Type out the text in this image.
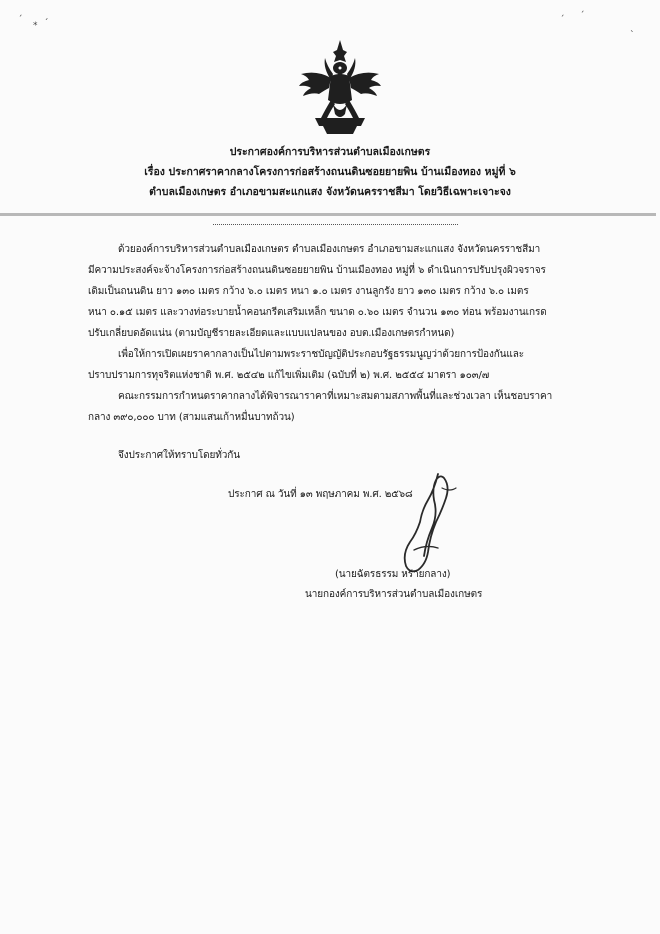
ˊ
*
ˏ	ˊ ˊ
ˎ
ประกาศองค์การบริหารส่วนตำบลเมืองเกษตร
เรื่อง ประกาศราคากลางโครงการก่อสร้างถนนดินซอยยายพิน บ้านเมืองทอง หมู่ที่ ๖
ตำบลเมืองเกษตร อำเภอขามสะแกแสง จังหวัดนครราชสีมา โดยวิธีเฉพาะเจาะจง
ด้วยองค์การบริหารส่วนตำบลเมืองเกษตร ตำบลเมืองเกษตร อำเภอขามสะแกแสง จังหวัดนครราชสีมา
มีความประสงค์จะจ้างโครงการก่อสร้างถนนดินซอยยายพิน บ้านเมืองทอง หมู่ที่ ๖ ดำเนินการปรับปรุงผิวจราจร
เดิมเป็นถนนดิน ยาว ๑๓๐ เมตร กว้าง ๖.๐ เมตร หนา ๑.๐ เมตร งานลูกรัง ยาว ๑๓๐ เมตร กว้าง ๖.๐ เมตร
หนา ๐.๑๕ เมตร และวางท่อระบายน้ำคอนกรีตเสริมเหล็ก ขนาด ๐.๖๐ เมตร จำนวน ๑๓๐ ท่อน พร้อมงานเกรด
ปรับเกลี่ยบดอัดแน่น (ตามบัญชีรายละเอียดและแบบแปลนของ อบต.เมืองเกษตรกำหนด)
เพื่อให้การเปิดเผยราคากลางเป็นไปตามพระราชบัญญัติประกอบรัฐธรรมนูญว่าด้วยการป้องกันและ
ปราบปรามการทุจริตแห่งชาติ พ.ศ. ๒๕๔๒ แก้ไขเพิ่มเติม (ฉบับที่ ๒) พ.ศ. ๒๕๕๔ มาตรา ๑๐๓/๗
คณะกรรมการกำหนดราคากลางได้พิจารณาราคาที่เหมาะสมตามสภาพพื้นที่และช่วงเวลา เห็นชอบราคา
กลาง ๓๙๐,๐๐๐ บาท (สามแสนเก้าหมื่นบาทถ้วน)
จึงประกาศให้ทราบโดยทั่วกัน
ประกาศ ณ วันที่ ๑๓ พฤษภาคม พ.ศ. ๒๕๖๘
(นายฉัตรธรรม หร่ายกลาง)
นายกองค์การบริหารส่วนตำบลเมืองเกษตร
